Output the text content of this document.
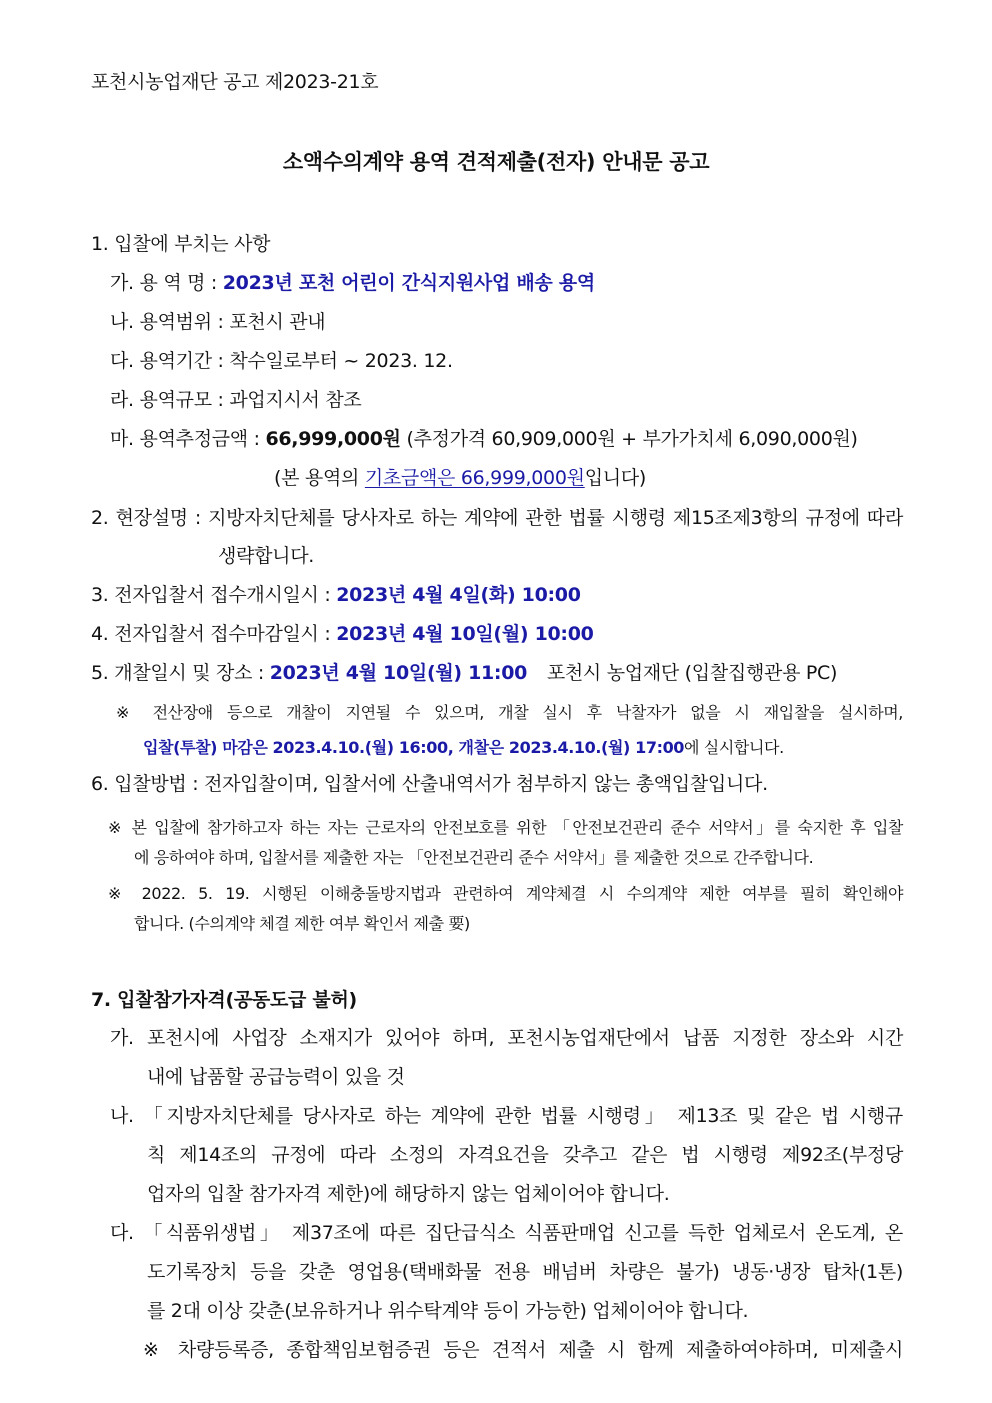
포천시농업재단 공고 제2023-21호
소액수의계약 용역 견적제출(전자) 안내문 공고
1. 입찰에 부치는 사항
가. 용 역 명 : 2023년 포천 어린이 간식지원사업 배송 용역
나. 용역범위 : 포천시 관내
다. 용역기간 : 착수일로부터 ~ 2023. 12.
라. 용역규모 : 과업지시서 참조
마. 용역추정금액 : 66,999,000원 (추정가격 60,909,000원 + 부가가치세 6,090,000원)
(본 용역의 기초금액은 66,999,000원입니다)
2. 현장설명 : 지방자치단체를 당사자로 하는 계약에 관한 법률 시행령 제15조제3항의 규정에 따라
생략합니다.
3. 전자입찰서 접수개시일시 : 2023년 4월 4일(화) 10:00
4. 전자입찰서 접수마감일시 : 2023년 4월 10일(월) 10:00
5. 개찰일시 및 장소 : 2023년 4월 10일(월) 11:00 포천시 농업재단 (입찰집행관용 PC)
※ 전산장애 등으로 개찰이 지연될 수 있으며, 개찰 실시 후 낙찰자가 없을 시 재입찰을 실시하며,
입찰(투찰) 마감은 2023.4.10.(월) 16:00, 개찰은 2023.4.10.(월) 17:00에 실시합니다.
6. 입찰방법 : 전자입찰이며, 입찰서에 산출내역서가 첨부하지 않는 총액입찰입니다.
※ 본 입찰에 참가하고자 하는 자는 근로자의 안전보호를 위한 「안전보건관리 준수 서약서」를 숙지한 후 입찰
에 응하여야 하며, 입찰서를 제출한 자는 「안전보건관리 준수 서약서」를 제출한 것으로 간주합니다.
※ 2022. 5. 19. 시행된 이해충돌방지법과 관련하여 계약체결 시 수의계약 제한 여부를 필히 확인해야
합니다. (수의계약 체결 제한 여부 확인서 제출 要)
7. 입찰참가자격(공동도급 불허)
가. 포천시에 사업장 소재지가 있어야 하며, 포천시농업재단에서 납품 지정한 장소와 시간
내에 납품할 공급능력이 있을 것
나. 「지방자치단체를 당사자로 하는 계약에 관한 법률 시행령」 제13조 및 같은 법 시행규
칙 제14조의 규정에 따라 소정의 자격요건을 갖추고 같은 법 시행령 제92조(부정당
업자의 입찰 참가자격 제한)에 해당하지 않는 업체이어야 합니다.
다. 「식품위생법」 제37조에 따른 집단급식소 식품판매업 신고를 득한 업체로서 온도계, 온
도기록장치 등을 갖춘 영업용(택배화물 전용 배넘버 차량은 불가) 냉동·냉장 탑차(1톤)
를 2대 이상 갖춘(보유하거나 위수탁계약 등이 가능한) 업체이어야 합니다.
※ 차량등록증, 종합책임보험증권 등은 견적서 제출 시 함께 제출하여야하며, 미제출시
